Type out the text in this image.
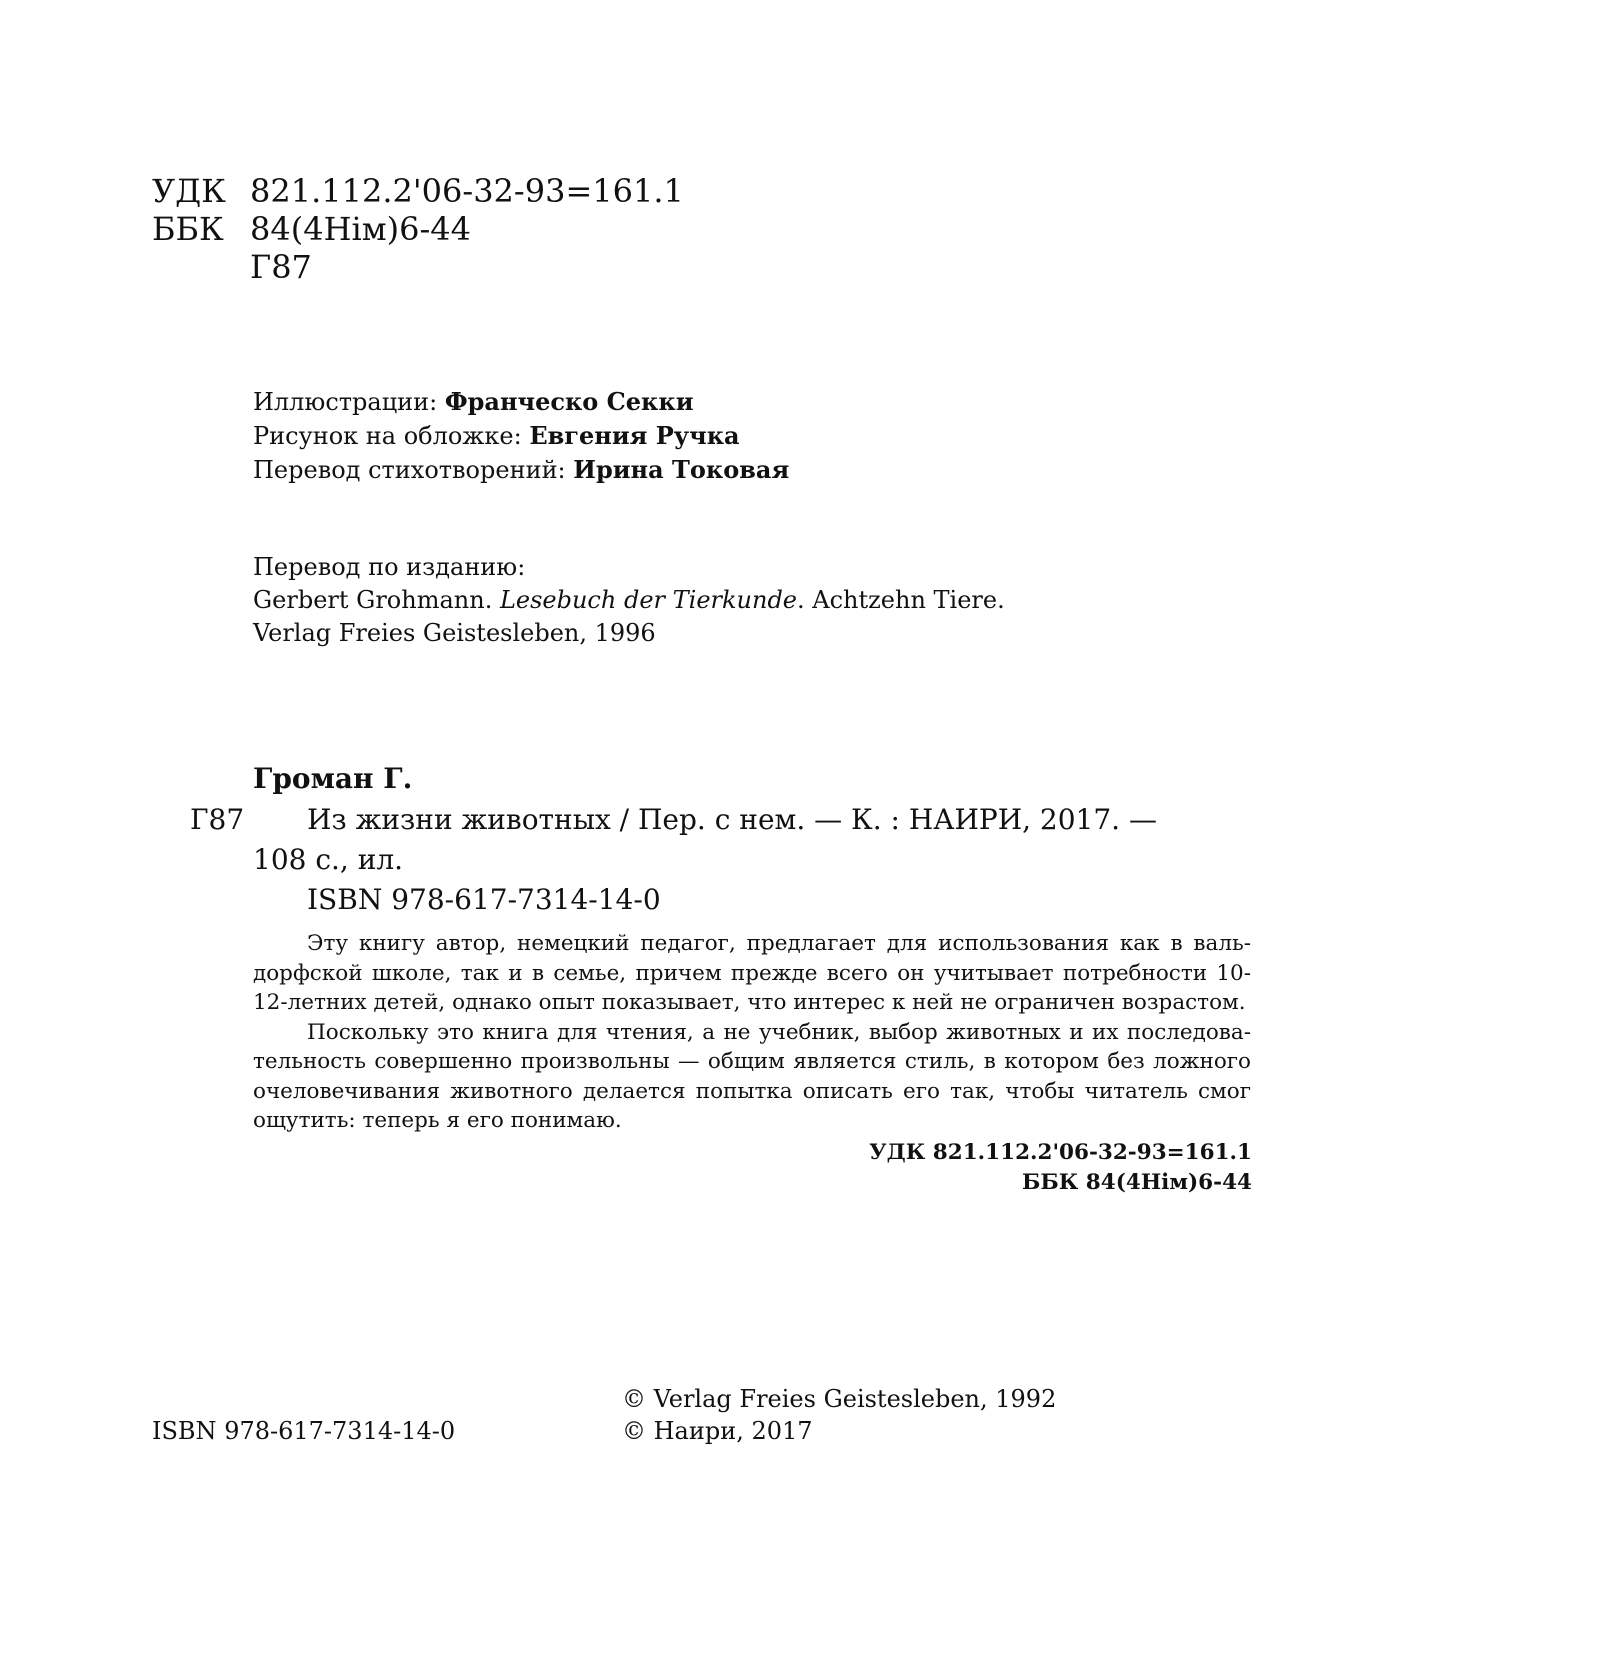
УДК 821.112.2'06-32-93=161.1
ББК 84(4Нім)6-44
Г87
Иллюстрации: Франческо Секки
Рисунок на обложке: Евгения Ручка
Перевод стихотворений: Ирина Токовая
Перевод по изданию:
Gerbert Grohmann. Lesebuch der Tierkunde. Achtzehn Tiere.
Verlag Freies Geistesleben, 1996
Громан Г.
Г87 Из жизни животных / Пер. с нем. — К. : НАИРИ, 2017. —
108 с., ил.
ISBN 978-617-7314-14-0

Эту книгу автор, немецкий педагог, предлагает для использования как в вальдорфской школе, так и в семье, причем прежде всего он учитывает потребности 10-12-летних детей, однако опыт показывает, что интерес к ней не ограничен возрастом.

Поскольку это книга для чтения, а не учебник, выбор животных и их последовательность совершенно произвольны — общим является стиль, в котором без ложного очеловечивания животного делается попытка описать его так, чтобы читатель смог ощутить: теперь я его понимаю.

УДК 821.112.2'06-32-93=161.1
ББК 84(4Нім)6-44
ISBN 978-617-7314-14-0
© Verlag Freies Geistesleben, 1992
© Наири, 2017
